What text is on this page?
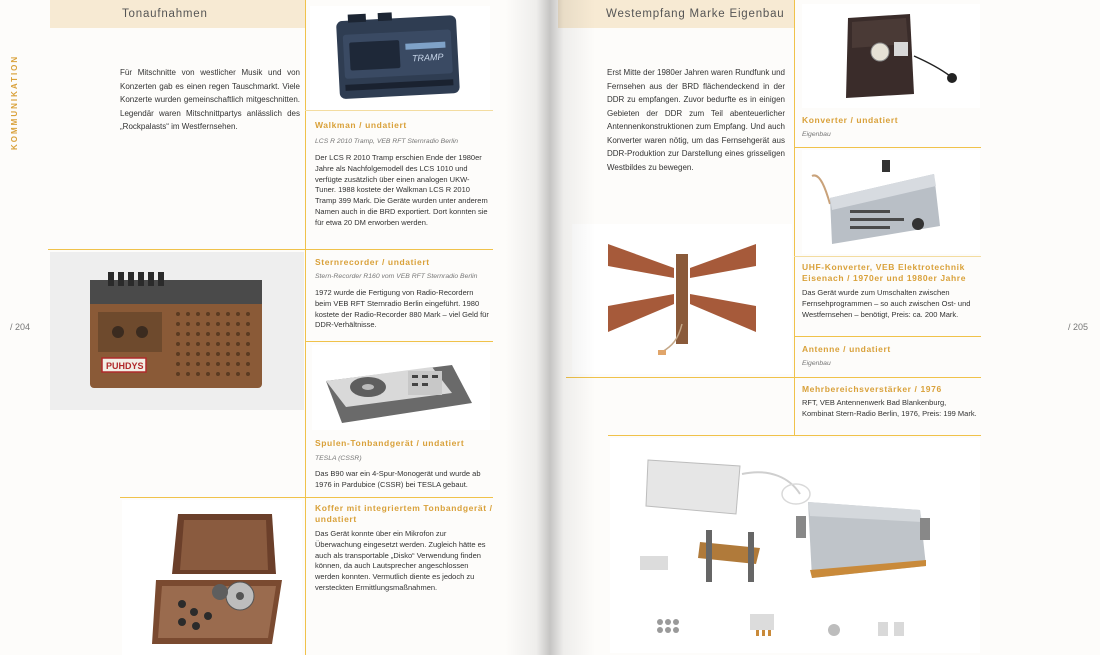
Tonaufnahmen
KOMMUNIKATION
/ 204
Für Mitschnitte von westlicher Musik und von Konzerten gab es einen regen Tauschmarkt. Viele Konzerte wurden gemeinschaftlich mitgeschnitten. Legendär waren Mitschnittpartys anlässlich des „Rockpalasts“ im Westfernsehen.
TRAMP
Walkman / undatiert
LCS R 2010 Tramp, VEB RFT Sternradio Berlin
Der LCS R 2010 Tramp erschien Ende der 1980er Jahre als Nachfolgemodell des LCS 1010 und verfügte zusätzlich über einen analogen UKW-Tuner. 1988 kostete der Walkman LCS R 2010 Tramp 399 Mark. Die Geräte wurden unter anderem Namen auch in die BRD exportiert. Dort konnten sie für etwa 20 DM erworben werden.
PUHDYS
Sternrecorder / undatiert
Stern-Recorder R160 vom VEB RFT Sternradio Berlin
1972 wurde die Fertigung von Radio-Recordern beim VEB RFT Sternradio Berlin eingeführt. 1980 kostete der Radio-Recorder 880 Mark – viel Geld für DDR-Verhältnisse.
Spulen-Tonbandgerät / undatiert
TESLA (CSSR)
Das B90 war ein 4-Spur-Monogerät und wurde ab 1976 in Pardubice (CSSR) bei TESLA gebaut.
Koffer mit integriertem Tonbandgerät / undatiert
Das Gerät konnte über ein Mikrofon zur Überwachung eingesetzt werden. Zugleich hätte es auch als transportable „Disko“ Verwendung finden können, da auch Lautsprecher angeschlossen werden konnten. Vermutlich diente es jedoch zu versteckten Ermittlungsmaßnahmen.
Westempfang Marke Eigenbau
/ 205
Erst Mitte der 1980er Jahren waren Rundfunk und Fernsehen aus der BRD flächendeckend in der DDR zu empfangen. Zuvor bedurfte es in einigen Gebieten der DDR zum Teil abenteuerlicher Antennenkonstruktionen zum Empfang. Und auch Konverter waren nötig, um das Fernsehgerät aus DDR-Produktion zur Darstellung eines grisseligen Westbildes zu bewegen.
Konverter / undatiert
Eigenbau
UHF-Konverter, VEB Elektrotechnik Eisenach / 1970er und 1980er Jahre
Das Gerät wurde zum Umschalten zwischen Fernsehprogrammen – so auch zwischen Ost- und Westfernsehen – benötigt, Preis: ca. 200 Mark.
Antenne / undatiert
Eigenbau
Mehrbereichsverstärker / 1976
RFT, VEB Antennenwerk Bad Blankenburg, Kombinat Stern-Radio Berlin, 1976, Preis: 199 Mark.
